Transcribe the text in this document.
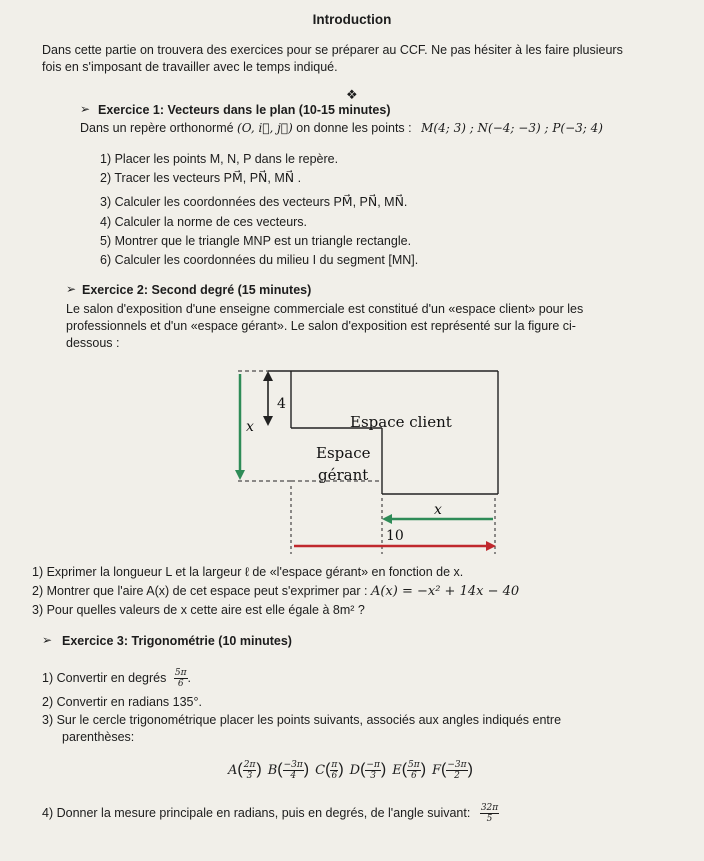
Introduction
Dans cette partie on trouvera des exercices pour se préparer au CCF. Ne pas hésiter à les faire plusieurs
fois en s'imposant de travailler avec le temps indiqué.
❖
➢ Exercice 1: Vecteurs dans le plan (10-15 minutes)
Dans un repère orthonormé (O, i⃗, j⃗) on donne les points : M(4; 3) ; N(−4; −3) ; P(−3; 4)
1) Placer les points M, N, P dans le repère.
2) Tracer les vecteurs PM⃗, PN⃗, MN⃗ .
3) Calculer les coordonnées des vecteurs PM⃗, PN⃗, MN⃗.
4) Calculer la norme de ces vecteurs.
5) Montrer que le triangle MNP est un triangle rectangle.
6) Calculer les coordonnées du milieu I du segment [MN].
➢ Exercice 2: Second degré (15 minutes)
Le salon d'exposition d'une enseigne commerciale est constitué d'un «espace client» pour les
professionnels et d'un «espace gérant». Le salon d'exposition est représenté sur la figure ci-
dessous :
4
x	Espace client
Espace
gérant
x
10
1) Exprimer la longueur L et la largeur ℓ de «l'espace gérant» en fonction de x.
2) Montrer que l'aire A(x) de cet espace peut s'exprimer par : A(x) = −x² + 14x − 40
3) Pour quelles valeurs de x cette aire est elle égale à 8m² ?
➢ Exercice 3: Trigonométrie (10 minutes)
1) Convertir en degrés $\frac{5\pi}{6}$ .
2) Convertir en radians 135°.
3) Sur le cercle trigonométrique placer les points suivants, associés aux angles indiqués entre
parenthèses:
$A( \frac{2\pi}{3}$ ) $B( \frac{-3\pi}{4}$ ) $C( \frac{\pi}{6}$ ) $D( \frac{-\pi}{3}$ ) $E( \frac{5\pi}{6}$ ) $F( \frac{-3\pi}{2}$ )
4) Donner la mesure principale en radians, puis en degrés, de l'angle suivant: $\frac{32\pi}{5}$
